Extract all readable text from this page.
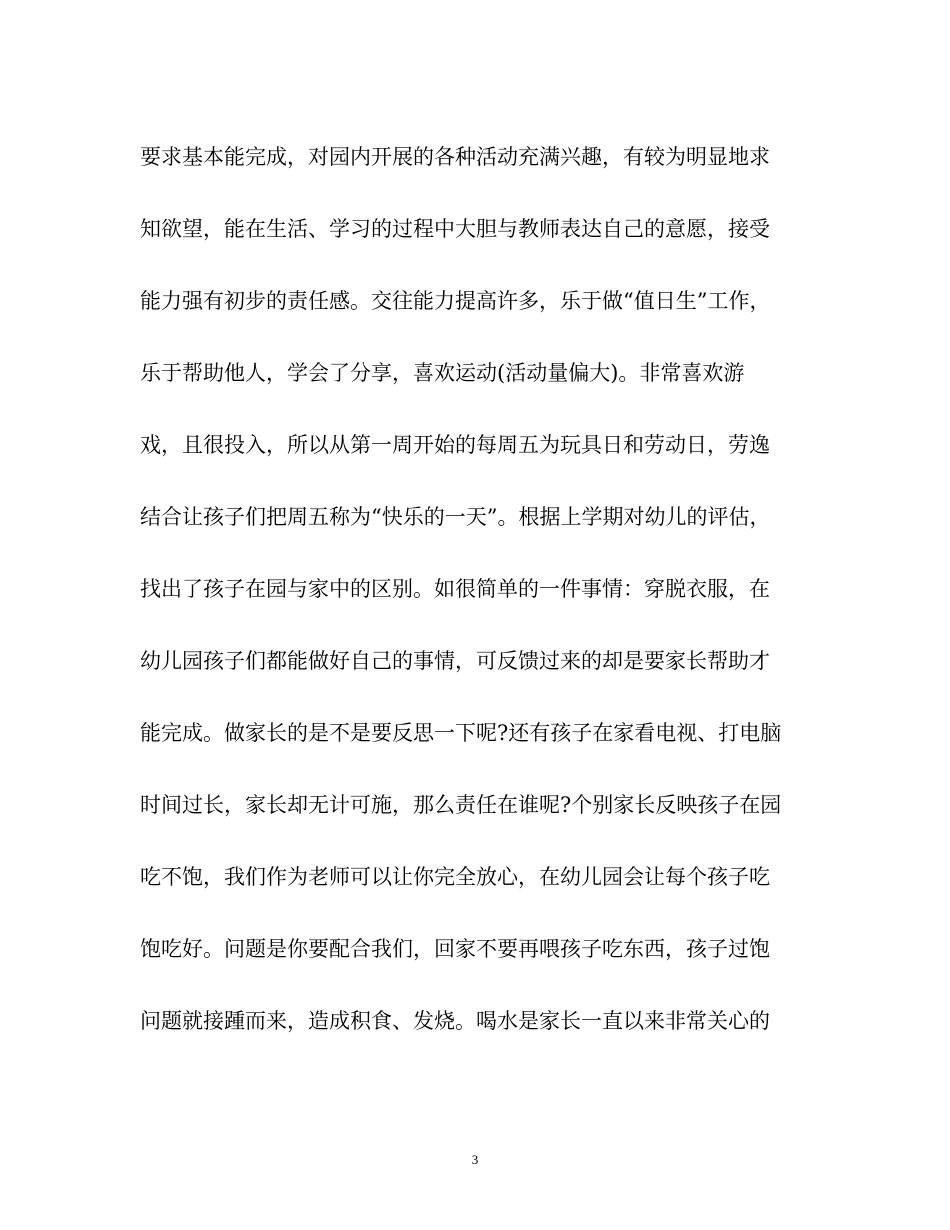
要求基本能完成，对园内开展的各种活动充满兴趣，有较为明显地求
知欲望，能在生活、学习的过程中大胆与教师表达自己的意愿，接受
能力强有初步的责任感。交往能力提高许多，乐于做“值日生”工作，
乐于帮助他人，学会了分享，喜欢运动(活动量偏大)。非常喜欢游
戏，且很投入，所以从第一周开始的每周五为玩具日和劳动日，劳逸
结合让孩子们把周五称为“快乐的一天”。根据上学期对幼儿的评估，
找出了孩子在园与家中的区别。如很简单的一件事情：穿脱衣服，在
幼儿园孩子们都能做好自己的事情，可反馈过来的却是要家长帮助才
能完成。做家长的是不是要反思一下呢?还有孩子在家看电视、打电脑
时间过长，家长却无计可施，那么责任在谁呢?个别家长反映孩子在园
吃不饱，我们作为老师可以让你完全放心，在幼儿园会让每个孩子吃
饱吃好。问题是你要配合我们，回家不要再喂孩子吃东西，孩子过饱
问题就接踵而来，造成积食、发烧。喝水是家长一直以来非常关心的
3
